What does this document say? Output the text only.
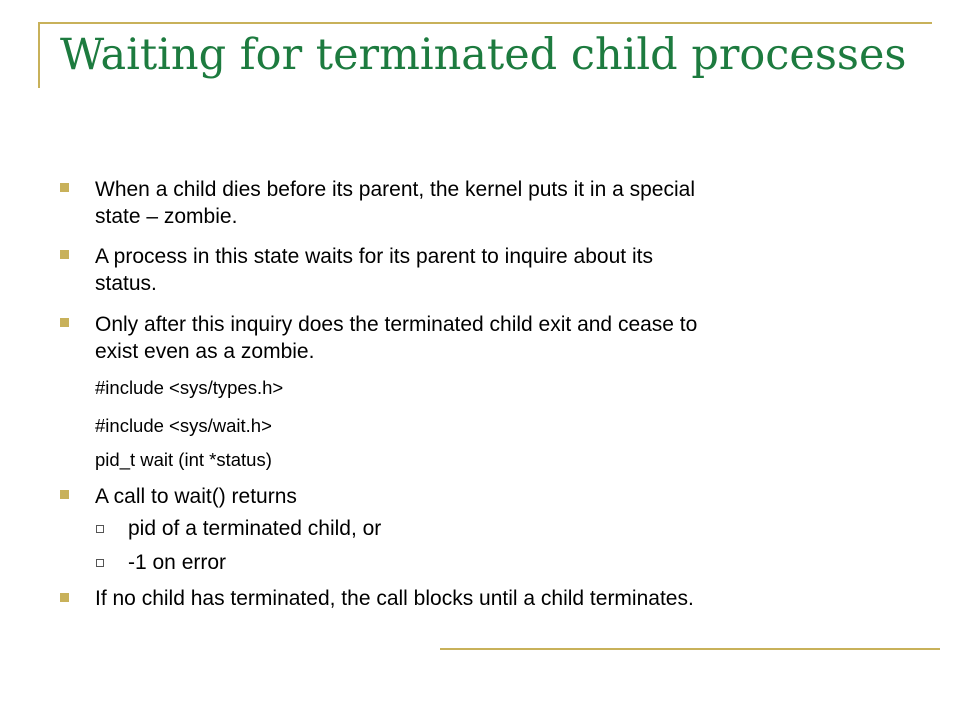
Waiting for terminated child processes
When a child dies before its parent, the kernel puts it in a special
state – zombie.
A process in this state waits for its parent to inquire about its
status.
Only after this inquiry does the terminated child exit and cease to
exist even as a zombie.
#include <sys/types.h>
#include <sys/wait.h>
pid_t wait (int *status)
A call to wait() returns
pid of a terminated child, or
-1 on error
If no child has terminated, the call blocks until a child terminates.
